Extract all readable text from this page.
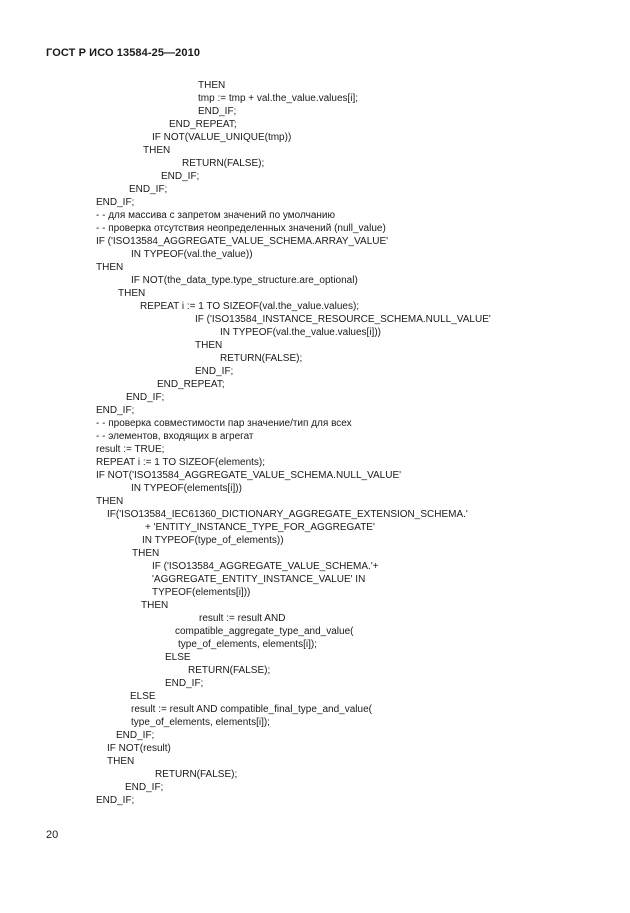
ГОСТ Р ИСО 13584-25—2010
THEN
tmp := tmp + val.the_value.values[i];
END_IF;
END_REPEAT;
IF NOT(VALUE_UNIQUE(tmp))
THEN
RETURN(FALSE);
END_IF;
END_IF;
END_IF;
- - для массива с запретом значений по умолчанию
- - проверка отсутствия неопределенных значений (null_value)
IF ('ISO13584_AGGREGATE_VALUE_SCHEMA.ARRAY_VALUE'
IN TYPEOF(val.the_value))
THEN
IF NOT(the_data_type.type_structure.are_optional)
THEN
REPEAT i := 1 TO SIZEOF(val.the_value.values);
IF ('ISO13584_INSTANCE_RESOURCE_SCHEMA.NULL_VALUE'
IN TYPEOF(val.the_value.values[i]))
THEN
RETURN(FALSE);
END_IF;
END_REPEAT;
END_IF;
END_IF;
- - проверка совместимости пар значение/тип для всех
- - элементов, входящих в агрегат
result := TRUE;
REPEAT i := 1 TO SIZEOF(elements);
IF NOT('ISO13584_AGGREGATE_VALUE_SCHEMA.NULL_VALUE'
IN TYPEOF(elements[i]))
THEN
IF('ISO13584_IEC61360_DICTIONARY_AGGREGATE_EXTENSION_SCHEMA.'
+ 'ENTITY_INSTANCE_TYPE_FOR_AGGREGATE'
IN TYPEOF(type_of_elements))
THEN
IF ('ISO13584_AGGREGATE_VALUE_SCHEMA.'+
'AGGREGATE_ENTITY_INSTANCE_VALUE' IN
TYPEOF(elements[i]))
THEN
result := result AND
compatible_aggregate_type_and_value(
type_of_elements, elements[i]);
ELSE
RETURN(FALSE);
END_IF;
ELSE
result := result AND compatible_final_type_and_value(
type_of_elements, elements[i]);
END_IF;
IF NOT(result)
THEN
RETURN(FALSE);
END_IF;
END_IF;
20
